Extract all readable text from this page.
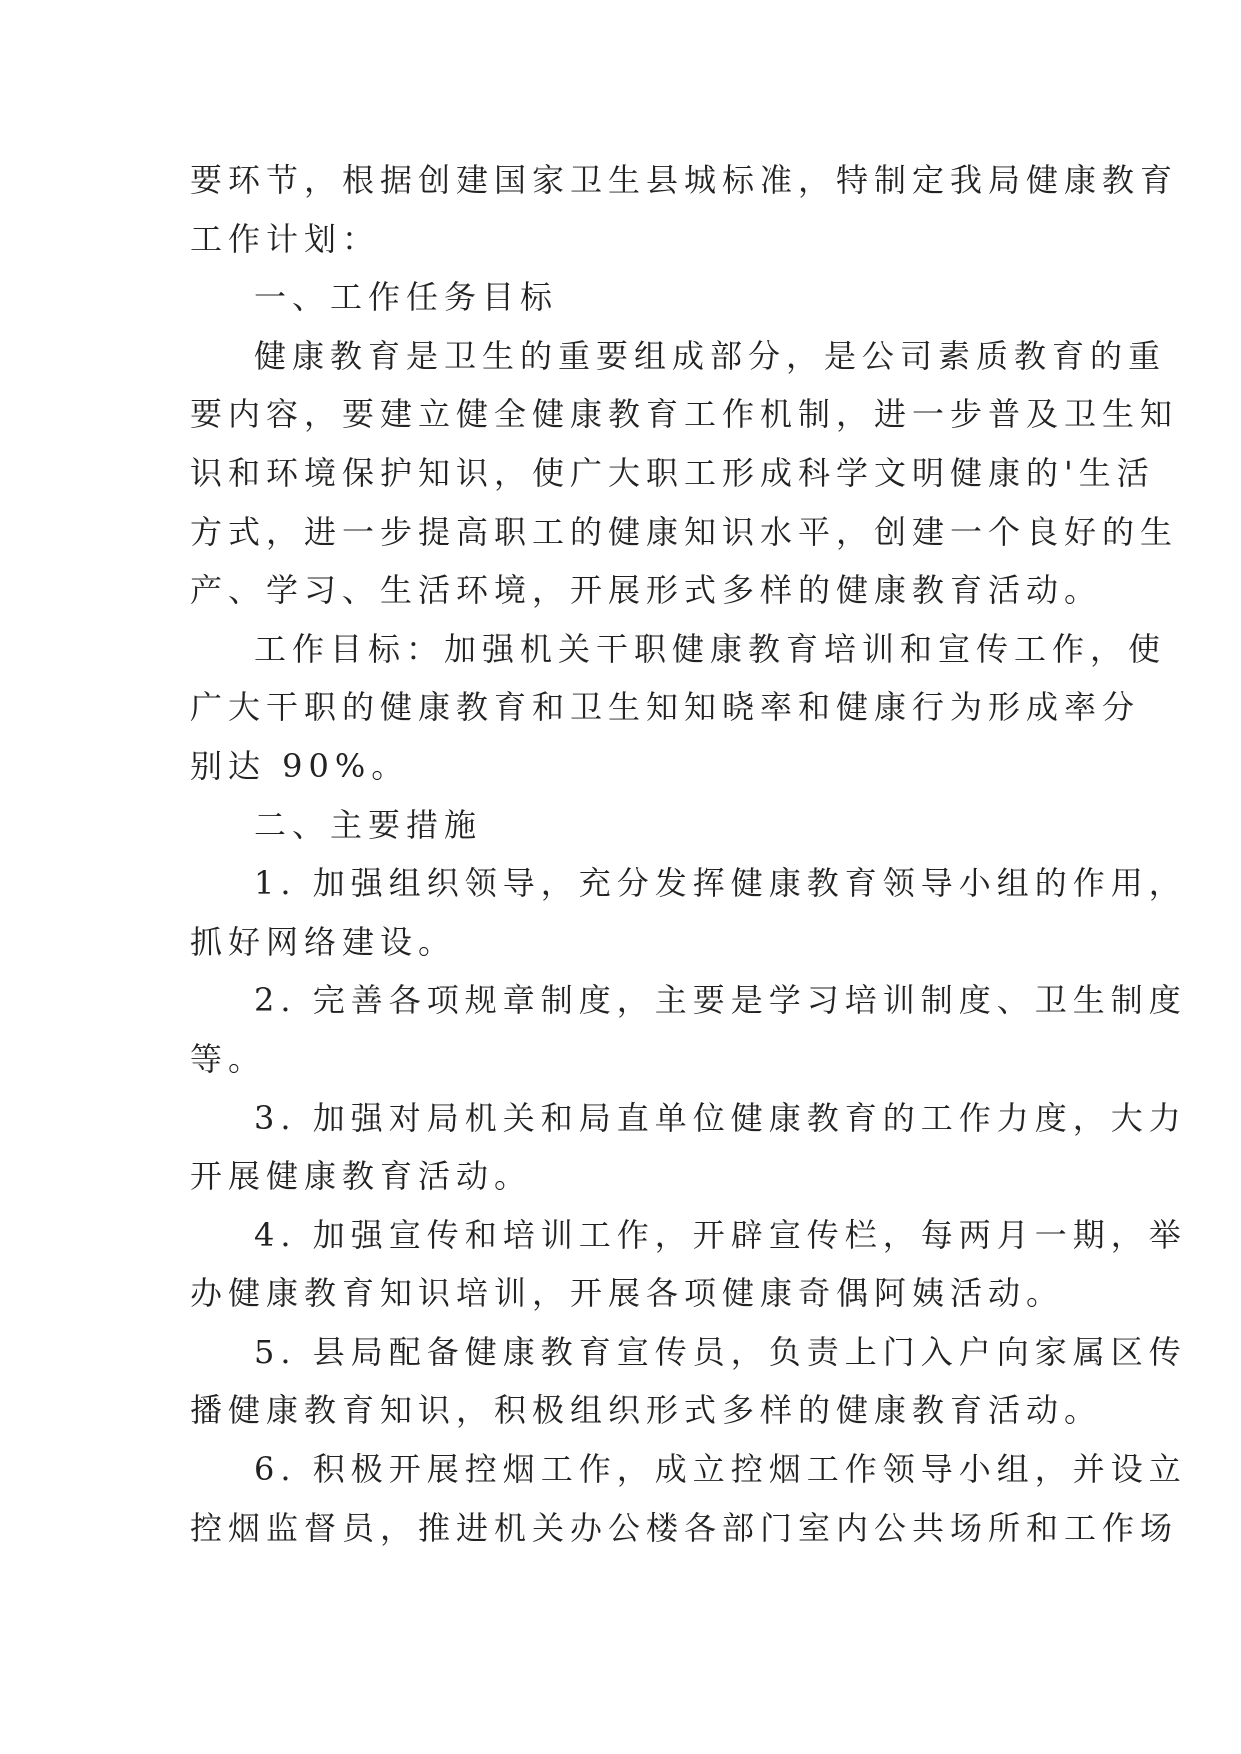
要环节，根据创建国家卫生县城标准，特制定我局健康教育
工作计划：
一、工作任务目标
健康教育是卫生的重要组成部分，是公司素质教育的重
要内容，要建立健全健康教育工作机制，进一步普及卫生知
识和环境保护知识，使广大职工形成科学文明健康的'生活
方式，进一步提高职工的健康知识水平，创建一个良好的生
产、学习、生活环境，开展形式多样的健康教育活动。
工作目标：加强机关干职健康教育培训和宣传工作，使
广大干职的健康教育和卫生知知晓率和健康行为形成率分
别达 90%。
二、主要措施
1. 加强组织领导，充分发挥健康教育领导小组的作用，
抓好网络建设。
2. 完善各项规章制度，主要是学习培训制度、卫生制度
等。
3. 加强对局机关和局直单位健康教育的工作力度，大力
开展健康教育活动。
4. 加强宣传和培训工作，开辟宣传栏，每两月一期，举
办健康教育知识培训，开展各项健康奇偶阿姨活动。
5. 县局配备健康教育宣传员，负责上门入户向家属区传
播健康教育知识，积极组织形式多样的健康教育活动。
6. 积极开展控烟工作，成立控烟工作领导小组，并设立
控烟监督员，推进机关办公楼各部门室内公共场所和工作场
